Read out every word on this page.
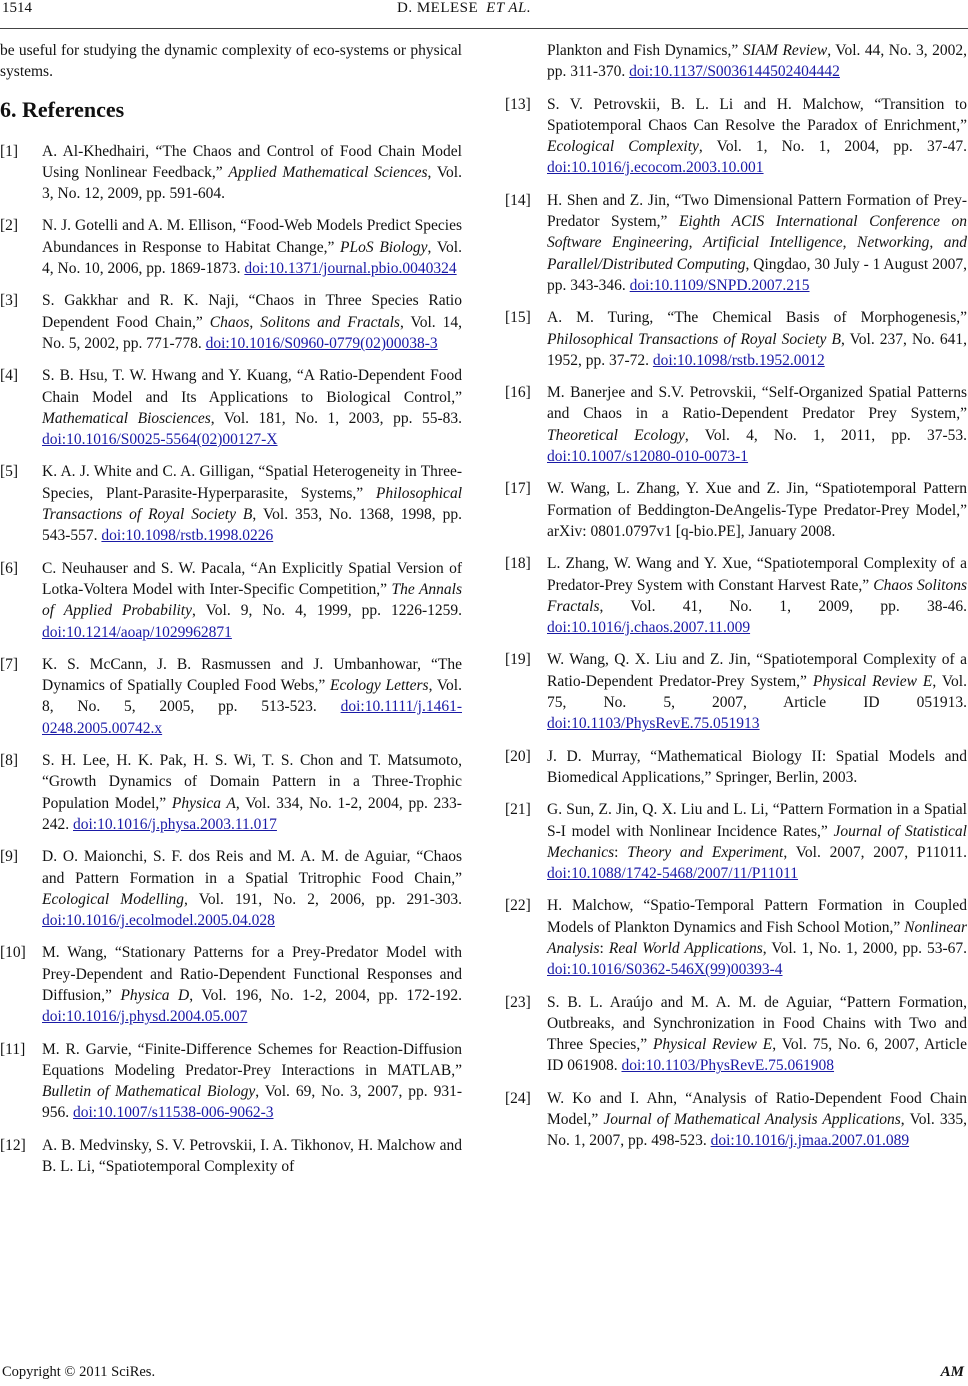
1514	D. MELESE ET AL.

be useful for studying the dynamic complexity of eco-systems or physical systems.

6. References
[1] A. Al-Khedhairi, “The Chaos and Control of Food Chain Model Using Nonlinear Feedback,” Applied Mathematical Sciences, Vol. 3, No. 12, 2009, pp. 591-604.
[2] N. J. Gotelli and A. M. Ellison, “Food-Web Models Predict Species Abundances in Response to Habitat Change,” PLoS Biology, Vol. 4, No. 10, 2006, pp. 1869-1873. doi:10.1371/journal.pbio.0040324
[3] S. Gakkhar and R. K. Naji, “Chaos in Three Species Ratio Dependent Food Chain,” Chaos, Solitons and Fractals, Vol. 14, No. 5, 2002, pp. 771-778. doi:10.1016/S0960-0779(02)00038-3
[4] S. B. Hsu, T. W. Hwang and Y. Kuang, “A Ratio-Dependent Food Chain Model and Its Applications to Biological Control,” Mathematical Biosciences, Vol. 181, No. 1, 2003, pp. 55-83. doi:10.1016/S0025-5564(02)00127-X
[5] K. A. J. White and C. A. Gilligan, “Spatial Heterogeneity in Three-Species, Plant-Parasite-Hyperparasite, Systems,” Philosophical Transactions of Royal Society B, Vol. 353, No. 1368, 1998, pp. 543-557. doi:10.1098/rstb.1998.0226
[6] C. Neuhauser and S. W. Pacala, “An Explicitly Spatial Version of Lotka-Voltera Model with Inter-Specific Competition,” The Annals of Applied Probability, Vol. 9, No. 4, 1999, pp. 1226-1259. doi:10.1214/aoap/1029962871
[7] K. S. McCann, J. B. Rasmussen and J. Umbanhowar, “The Dynamics of Spatially Coupled Food Webs,” Ecology Letters, Vol. 8, No. 5, 2005, pp. 513-523. doi:10.1111/j.1461-0248.2005.00742.x
[8] S. H. Lee, H. K. Pak, H. S. Wi, T. S. Chon and T. Matsumoto, “Growth Dynamics of Domain Pattern in a Three-Trophic Population Model,” Physica A, Vol. 334, No. 1-2, 2004, pp. 233-242. doi:10.1016/j.physa.2003.11.017
[9] D. O. Maionchi, S. F. dos Reis and M. A. M. de Aguiar, “Chaos and Pattern Formation in a Spatial Tritrophic Food Chain,” Ecological Modelling, Vol. 191, No. 2, 2006, pp. 291-303. doi:10.1016/j.ecolmodel.2005.04.028
[10] M. Wang, “Stationary Patterns for a Prey-Predator Model with Prey-Dependent and Ratio-Dependent Functional Responses and Diffusion,” Physica D, Vol. 196, No. 1-2, 2004, pp. 172-192. doi:10.1016/j.physd.2004.05.007
[11] M. R. Garvie, “Finite-Difference Schemes for Reaction-Diffusion Equations Modeling Predator-Prey Interactions in MATLAB,” Bulletin of Mathematical Biology, Vol. 69, No. 3, 2007, pp. 931-956. doi:10.1007/s11538-006-9062-3
[12] A. B. Medvinsky, S. V. Petrovskii, I. A. Tikhonov, H. Malchow and B. L. Li, “Spatiotemporal Complexity of
Plankton and Fish Dynamics,” SIAM Review, Vol. 44, No. 3, 2002, pp. 311-370. doi:10.1137/S0036144502404442
[13] S. V. Petrovskii, B. L. Li and H. Malchow, “Transition to Spatiotemporal Chaos Can Resolve the Paradox of Enrichment,” Ecological Complexity, Vol. 1, No. 1, 2004, pp. 37-47. doi:10.1016/j.ecocom.2003.10.001
[14] H. Shen and Z. Jin, “Two Dimensional Pattern Formation of Prey-Predator System,” Eighth ACIS International Conference on Software Engineering, Artificial Intelligence, Networking, and Parallel/Distributed Computing, Qingdao, 30 July - 1 August 2007, pp. 343-346. doi:10.1109/SNPD.2007.215
[15] A. M. Turing, “The Chemical Basis of Morphogenesis,” Philosophical Transactions of Royal Society B, Vol. 237, No. 641, 1952, pp. 37-72. doi:10.1098/rstb.1952.0012
[16] M. Banerjee and S.V. Petrovskii, “Self-Organized Spatial Patterns and Chaos in a Ratio-Dependent Predator Prey System,” Theoretical Ecology, Vol. 4, No. 1, 2011, pp. 37-53. doi:10.1007/s12080-010-0073-1
[17] W. Wang, L. Zhang, Y. Xue and Z. Jin, “Spatiotemporal Pattern Formation of Beddington-DeAngelis-Type Predator-Prey Model,” arXiv: 0801.0797v1 [q-bio.PE], January 2008.
[18] L. Zhang, W. Wang and Y. Xue, “Spatiotemporal Complexity of a Predator-Prey System with Constant Harvest Rate,” Chaos Solitons Fractals, Vol. 41, No. 1, 2009, pp. 38-46. doi:10.1016/j.chaos.2007.11.009
[19] W. Wang, Q. X. Liu and Z. Jin, “Spatiotemporal Complexity of a Ratio-Dependent Predator-Prey System,” Physical Review E, Vol. 75, No. 5, 2007, Article ID 051913. doi:10.1103/PhysRevE.75.051913
[20] J. D. Murray, “Mathematical Biology II: Spatial Models and Biomedical Applications,” Springer, Berlin, 2003.
[21] G. Sun, Z. Jin, Q. X. Liu and L. Li, “Pattern Formation in a Spatial S-I model with Nonlinear Incidence Rates,” Journal of Statistical Mechanics: Theory and Experiment, Vol. 2007, 2007, P11011. doi:10.1088/1742-5468/2007/11/P11011
[22] H. Malchow, “Spatio-Temporal Pattern Formation in Coupled Models of Plankton Dynamics and Fish School Motion,” Nonlinear Analysis: Real World Applications, Vol. 1, No. 1, 2000, pp. 53-67. doi:10.1016/S0362-546X(99)00393-4
[23] S. B. L. Araújo and M. A. M. de Aguiar, “Pattern Formation, Outbreaks, and Synchronization in Food Chains with Two and Three Species,” Physical Review E, Vol. 75, No. 6, 2007, Article ID 061908. doi:10.1103/PhysRevE.75.061908
[24] W. Ko and I. Ahn, “Analysis of Ratio-Dependent Food Chain Model,” Journal of Mathematical Analysis Applications, Vol. 335, No. 1, 2007, pp. 498-523. doi:10.1016/j.jmaa.2007.01.089
Copyright © 2011 SciRes.	AM
